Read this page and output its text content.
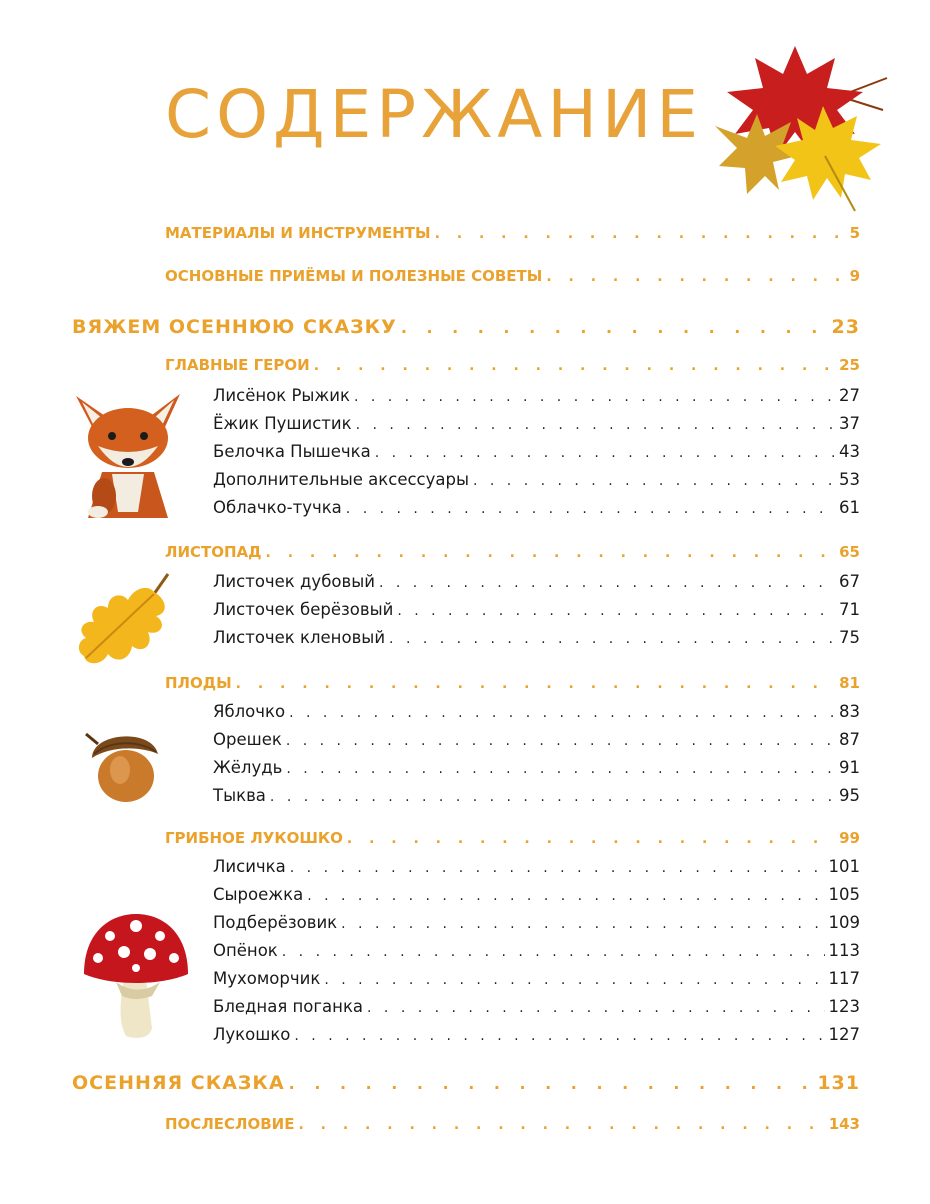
СОДЕРЖАНИЕ
МАТЕРИАЛЫ И ИНСТРУМЕНТЫ . . .	5
ОСНОВНЫЕ ПРИЁМЫ И ПОЛЕЗНЫЕ СОВЕТЫ . . .	9
ВЯЖЕМ ОСЕННЮЮ СКАЗКУ . . .	23
ГЛАВНЫЕ ГЕРОИ . . .	25
Лисёнок Рыжик . . .	27
Ёжик Пушистик . . .	37
Белочка Пышечка . . .	43
Дополнительные аксессуары . . .	53
Облачко-тучка . . .	61
ЛИСТОПАД . . .	65
Листочек дубовый . . .	67
Листочек берёзовый . . .	71
Листочек кленовый . . .	75
ПЛОДЫ . . .	81
Яблочко . . .	83
Орешек . . .	87
Жёлудь . . .	91
Тыква . . .	95
ГРИБНОЕ ЛУКОШКО . . .	99
Лисичка . . .	101
Сыроежка . . .	105
Подберёзовик . . .	109
Опёнок . . .	113
Мухоморчик . . .	117
Бледная поганка . . .	123
Лукошко . . .	127
ОСЕННЯЯ СКАЗКА . . .	131
ПОСЛЕСЛОВИЕ . . .	143
